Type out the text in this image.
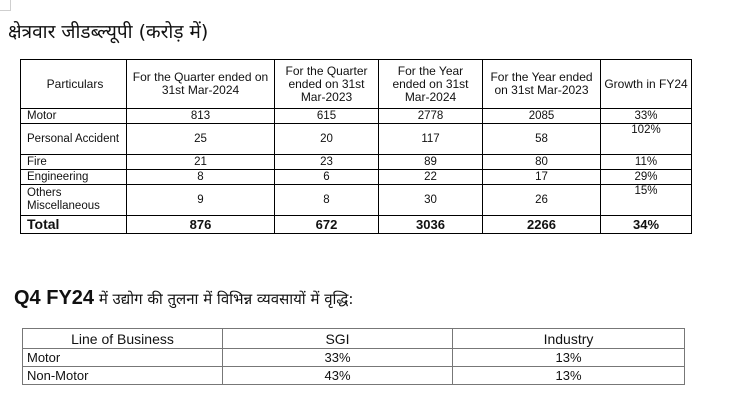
क्षेत्रवार जीडब्ल्यूपी (करोड़ में)
Particulars	For the Quarter ended on 31st Mar-2024	For the Quarter ended on 31st Mar-2023	For the Year ended on 31st Mar-2024	For the Year ended on 31st Mar-2023	Growth in FY24
Motor	813	615	2778	2085	33%
Personal Accident	25	20	117	58	102%
Fire	21	23	89	80	11%
Engineering	8	6	22	17	29%
Others Miscellaneous	9	8	30	26	15%
Total	876	672	3036	2266	34%
Q4 FY24 में उद्योग की तुलना में विभिन्न व्यवसायों में वृद्धि:
Line of Business	SGI	Industry
Motor	33%	13%
Non-Motor	43%	13%
